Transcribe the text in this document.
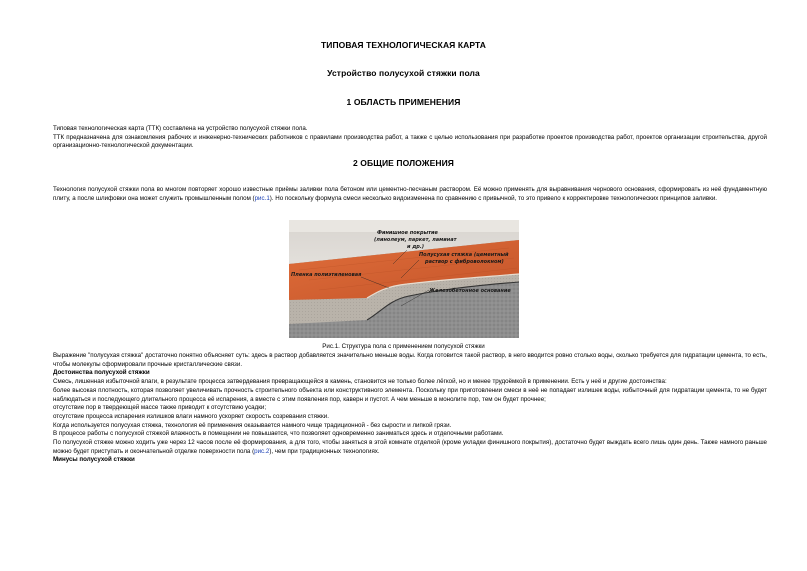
ТИПОВАЯ ТЕХНОЛОГИЧЕСКАЯ КАРТА
Устройство полусухой стяжки пола
1 ОБЛАСТЬ ПРИМЕНЕНИЯ
Типовая технологическая карта (ТТК) составлена на устройство полусухой стяжки пола.
ТТК предназначена для ознакомления рабочих и инженерно-технических работников с правилами производства работ, а также с целью использования при разработке проектов производства работ, проектов организации строительства, другой организационно-технологической документации.
2 ОБЩИЕ ПОЛОЖЕНИЯ
Технология полусухой стяжки пола во многом повторяет хорошо известные приёмы заливки пола бетоном или цементно-песчаным раствором. Её можно применять для выравнивания чернового основания, сформировать из неё фундаментную плиту, а после шлифовки она может служить промышленным полом (рис.1). Но поскольку формула смеси несколько видоизменена по сравнению с привычной, то это привело к корректировке технологических принципов заливки.
Финишное покрытие
(линолеум, паркет, ламинат
и др.)
Полусухая стяжка (цементный
раствор с фиброволокном)
Пленка полиэтиленовая
Железобетонное основание
Рис.1. Структура пола с применением полусухой стяжки
Выражение "полусухая стяжка" достаточно понятно объясняет суть: здесь в раствор добавляется значительно меньше воды. Когда готовится такой раствор, в него вводится ровно столько воды, сколько требуется для гидратации цемента, то есть, чтобы молекулы сформировали прочные кристаллические связи.
Достоинства полусухой стяжки
Смесь, лишенная избыточной влаги, в результате процесса затвердевания превращающейся в камень, становится не только более лёгкой, но и менее трудоёмкой в применении. Есть у неё и другие достоинства:
более высокая плотность, которая позволяет увеличивать прочность строительного объекта или конструктивного элемента. Поскольку при приготовлении смеси в неё не попадает излишек воды, избыточный для гидратации цемента, то не будет наблюдаться и последующего длительного процесса её испарения, а вместе с этим появления пор, каверн и пустот. А чем меньше в монолите пор, тем он будет прочнее;
отсутствие пор в твердеющей массе также приводит к отсутствию усадки;
отсутствие процесса испарения излишков влаги намного ускоряет скорость созревания стяжки.
Когда используется полусухая стяжка, технология её применения оказывается намного чище традиционной - без сырости и липкой грязи.
В процессе работы с полусухой стяжкой влажность в помещении не повышается, что позволяет одновременно заниматься здесь и отделочными работами.
По полусухой стяжке можно ходить уже через 12 часов после её формирования, а для того, чтобы заняться в этой комнате отделкой (кроме укладки финишного покрытия), достаточно будет выждать всего лишь один день. Также намного раньше можно будет приступать и окончательной отделке поверхности пола (рис.2), чем при традиционных технологиях.
Минусы полусухой стяжки
